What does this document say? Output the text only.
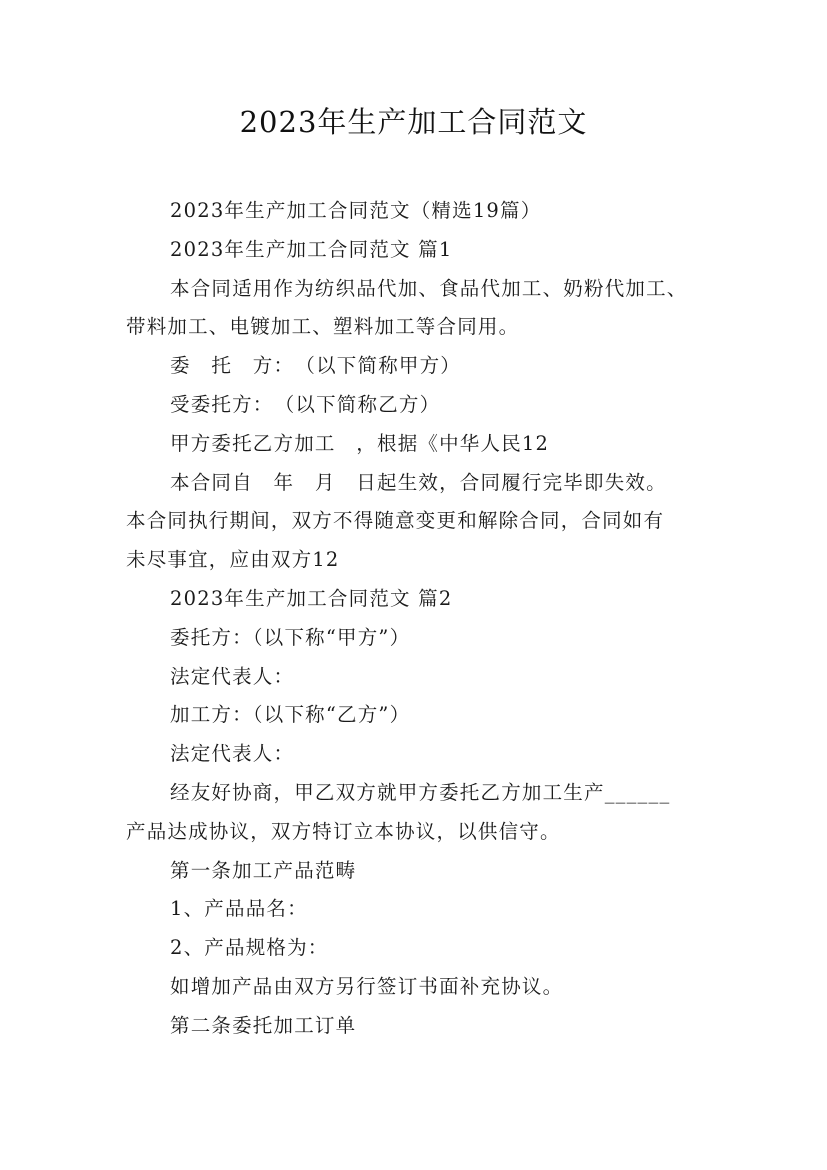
2023年生产加工合同范文
2023年生产加工合同范文（精选19篇）
2023年生产加工合同范文 篇1
本合同适用作为纺织品代加、食品代加工、奶粉代加工、
带料加工、电镀加工、塑料加工等合同用。
委　托　方：　（以下简称甲方）
受委托方：　（以下简称乙方）
甲方委托乙方加工　，根据《中华人民12
本合同自　年　月　日起生效，合同履行完毕即失效。
本合同执行期间，双方不得随意变更和解除合同，合同如有
未尽事宜，应由双方12
2023年生产加工合同范文 篇2
委托方：（以下称“甲方”）
法定代表人：
加工方：（以下称“乙方”）
法定代表人：
经友好协商，甲乙双方就甲方委托乙方加工生产______
产品达成协议，双方特订立本协议，以供信守。
第一条加工产品范畴
1、产品品名：
2、产品规格为：
如增加产品由双方另行签订书面补充协议。
第二条委托加工订单
